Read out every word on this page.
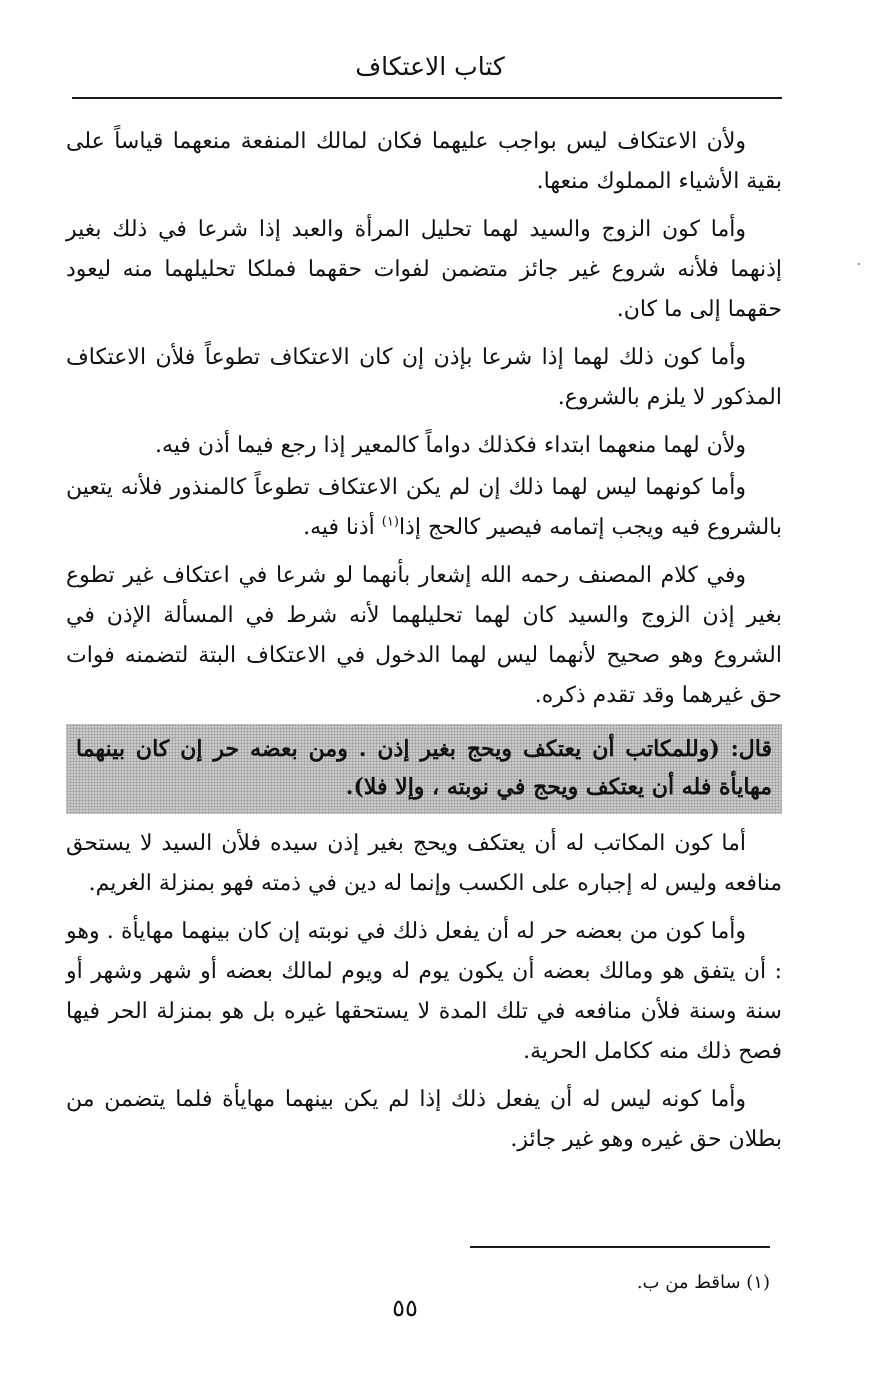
كتاب الاعتكاف

ولأن الاعتكاف ليس بواجب عليهما فكان لمالك المنفعة منعهما قياساً على بقية الأشياء المملوك منعها.

وأما كون الزوج والسيد لهما تحليل المرأة والعبد إذا شرعا في ذلك بغير إذنهما فلأنه شروع غير جائز متضمن لفوات حقهما فملكا تحليلهما منه ليعود حقهما إلى ما كان.

وأما كون ذلك لهما إذا شرعا بإذن إن كان الاعتكاف تطوعاً فلأن الاعتكاف المذكور لا يلزم بالشروع.

ولأن لهما منعهما ابتداء فكذلك دواماً كالمعير إذا رجع فيما أذن فيه.

وأما كونهما ليس لهما ذلك إن لم يكن الاعتكاف تطوعاً كالمنذور فلأنه يتعين بالشروع فيه ويجب إتمامه فيصير كالحج إذا$^{(١)}$ أذنا فيه.

وفي كلام المصنف رحمه الله إشعار بأنهما لو شرعا في اعتكاف غير تطوع بغير إذن الزوج والسيد كان لهما تحليلهما لأنه شرط في المسألة الإذن في الشروع وهو صحيح لأنهما ليس لهما الدخول في الاعتكاف البتة لتضمنه فوات حق غيرهما وقد تقدم ذكره.

قال: (وللمكاتب أن يعتكف ويحج بغير إذن . ومن بعضه حر إن كان بينهما مهايأة فله أن يعتكف ويحج في نوبته ، وإلا فلا).

أما كون المكاتب له أن يعتكف ويحج بغير إذن سيده فلأن السيد لا يستحق منافعه وليس له إجباره على الكسب وإنما له دين في ذمته فهو بمنزلة الغريم.

وأما كون من بعضه حر له أن يفعل ذلك في نوبته إن كان بينهما مهايأة . وهو : أن يتفق هو ومالك بعضه أن يكون يوم له ويوم لمالك بعضه أو شهر وشهر أو سنة وسنة فلأن منافعه في تلك المدة لا يستحقها غيره بل هو بمنزلة الحر فيها فصح ذلك منه ككامل الحرية.

وأما كونه ليس له أن يفعل ذلك إذا لم يكن بينهما مهايأة فلما يتضمن من بطلان حق غيره وهو غير جائز.

(١) ساقط من ب.
٥٥
